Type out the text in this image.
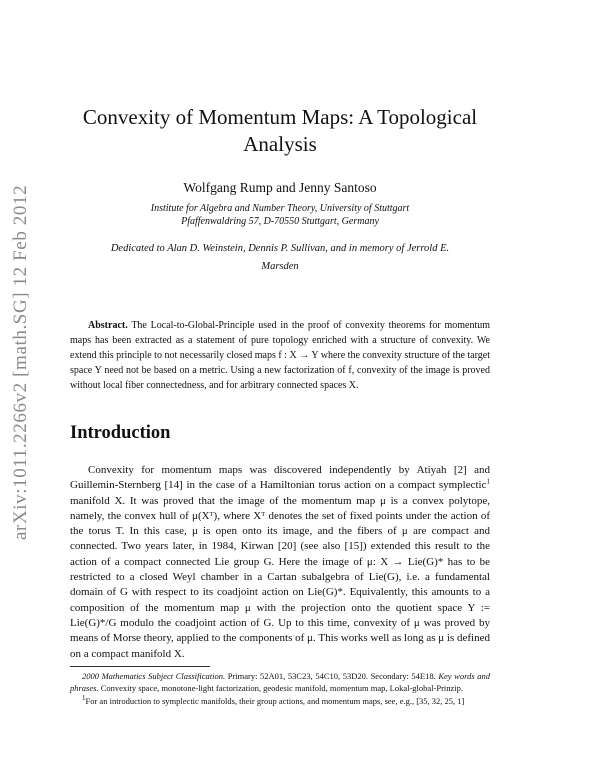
arXiv:1011.2266v2 [math.SG] 12 Feb 2012
Convexity of Momentum Maps: A Topological Analysis
Wolfgang Rump and Jenny Santoso
Institute for Algebra and Number Theory, University of Stuttgart
Pfaffenwaldring 57, D-70550 Stuttgart, Germany
Dedicated to Alan D. Weinstein, Dennis P. Sullivan, and in memory of Jerrold E. Marsden
Abstract. The Local-to-Global-Principle used in the proof of convexity theorems for momentum maps has been extracted as a statement of pure topology enriched with a structure of convexity. We extend this principle to not necessarily closed maps f : X → Y where the convexity structure of the target space Y need not be based on a metric. Using a new factorization of f, convexity of the image is proved without local fiber connectedness, and for arbitrary connected spaces X.
Introduction
Convexity for momentum maps was discovered independently by Atiyah [2] and Guillemin-Sternberg [14] in the case of a Hamiltonian torus action on a compact symplectic$^1$ manifold X. It was proved that the image of the momentum map μ is a convex polytope, namely, the convex hull of μ(Xᵀ), where Xᵀ denotes the set of fixed points under the action of the torus T. In this case, μ is open onto its image, and the fibers of μ are compact and connected. Two years later, in 1984, Kirwan [20] (see also [15]) extended this result to the action of a compact connected Lie group G. Here the image of μ: X → Lie(G)* has to be restricted to a closed Weyl chamber in a Cartan subalgebra of Lie(G), i.e. a fundamental domain of G with respect to its coadjoint action on Lie(G)*. Equivalently, this amounts to a composition of the momentum map μ with the projection onto the quotient space Y := Lie(G)*/G modulo the coadjoint action of G. Up to this time, convexity of μ was proved by means of Morse theory, applied to the components of μ. This works well as long as μ is defined on a compact manifold X.

2000 Mathematics Subject Classification. Primary: 52A01, 53C23, 54C10, 53D20. Secondary: 54E18. Key words and phrases. Convexity space, monotone-light factorization, geodesic manifold, momentum map, Lokal-global-Prinzip.

$^1$For an introduction to symplectic manifolds, their group actions, and momentum maps, see, e.g., [35, 32, 25, 1]
